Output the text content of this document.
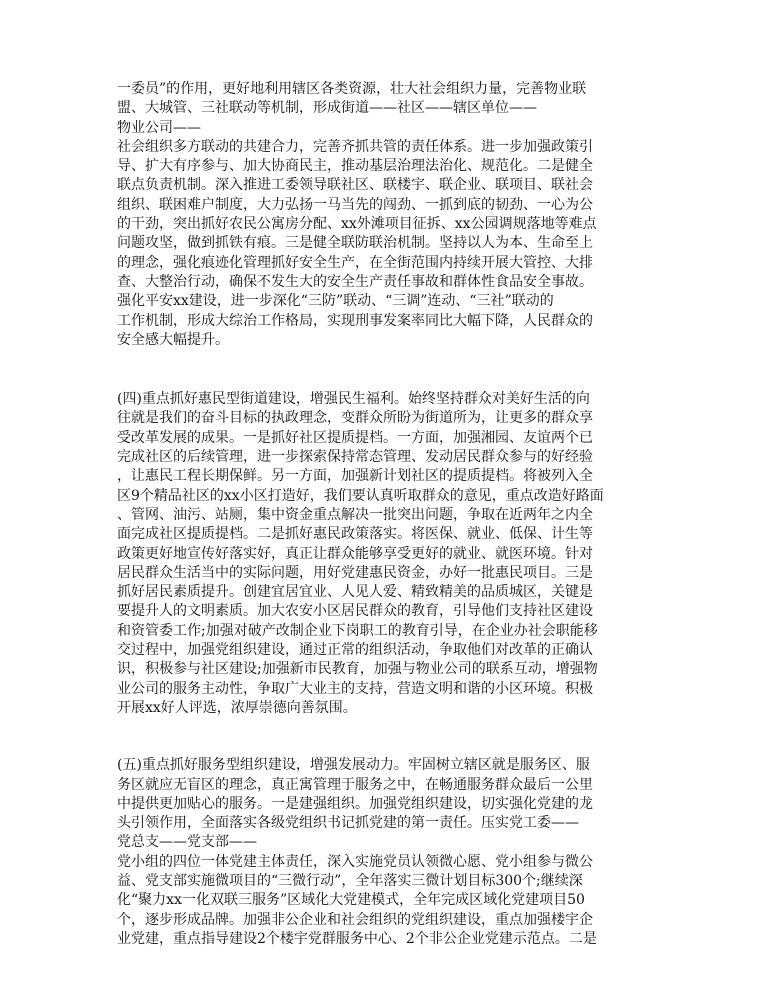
一委员”的作用，更好地利用辖区各类资源，壮大社会组织力量，完善物业联
盟、大城管、三社联动等机制，形成街道——社区——辖区单位——
物业公司——
社会组织多方联动的共建合力，完善齐抓共管的责任体系。进一步加强政策引
导、扩大有序参与、加大协商民主，推动基层治理法治化、规范化。二是健全
联点负责机制。深入推进工委领导联社区、联楼宇、联企业、联项目、联社会
组织、联困难户制度，大力弘扬一马当先的闯劲、一抓到底的韧劲、一心为公
的干劲，突出抓好农民公寓房分配、xx外滩项目征拆、xx公园调规落地等难点
问题攻坚，做到抓铁有痕。三是健全联防联治机制。坚持以人为本、生命至上
的理念，强化痕迹化管理抓好安全生产，在全街范围内持续开展大管控、大排
查、大整治行动，确保不发生大的安全生产责任事故和群体性食品安全事故。
强化平安xx建设，进一步深化“三防”联动、“三调”连动、“三社”联动的
工作机制，形成大综治工作格局，实现刑事发案率同比大幅下降，人民群众的
安全感大幅提升。
(四)重点抓好惠民型街道建设，增强民生福利。始终坚持群众对美好生活的向
往就是我们的奋斗目标的执政理念，变群众所盼为街道所为，让更多的群众享
受改革发展的成果。一是抓好社区提质提档。一方面，加强湘园、友谊两个已
完成社区的后续管理，进一步探索保持常态管理、发动居民群众参与的好经验
，让惠民工程长期保鲜。另一方面，加强新计划社区的提质提档。将被列入全
区9个精品社区的xx小区打造好，我们要认真听取群众的意见，重点改造好路面
、管网、油污、站厕，集中资金重点解决一批突出问题，争取在近两年之内全
面完成社区提质提档。二是抓好惠民政策落实。将医保、就业、低保、计生等
政策更好地宣传好落实好，真正让群众能够享受更好的就业、就医环境。针对
居民群众生活当中的实际问题，用好党建惠民资金，办好一批惠民项目。三是
抓好居民素质提升。创建宜居宜业、人见人爱、精致精美的品质城区，关键是
要提升人的文明素质。加大农安小区居民群众的教育，引导他们支持社区建设
和资管委工作;加强对破产改制企业下岗职工的教育引导，在企业办社会职能移
交过程中，加强党组织建设，通过正常的组织活动，争取他们对改革的正确认
识，积极参与社区建设;加强新市民教育，加强与物业公司的联系互动，增强物
业公司的服务主动性，争取广大业主的支持，营造文明和谐的小区环境。积极
开展xx好人评选，浓厚崇德向善氛围。
(五)重点抓好服务型组织建设，增强发展动力。牢固树立辖区就是服务区、服
务区就应无盲区的理念，真正寓管理于服务之中，在畅通服务群众最后一公里
中提供更加贴心的服务。一是建强组织。加强党组织建设，切实强化党建的龙
头引领作用，全面落实各级党组织书记抓党建的第一责任。压实党工委——
党总支——党支部——
党小组的四位一体党建主体责任，深入实施党员认领微心愿、党小组参与微公
益、党支部实施微项目的“三微行动”，全年落实三微计划目标300个;继续深
化“聚力xx一化双联三服务”区域化大党建模式，全年完成区域化党建项目50
个，逐步形成品牌。加强非公企业和社会组织的党组织建设，重点加强楼宇企
业党建，重点指导建设2个楼宇党群服务中心、2个非公企业党建示范点。二是
